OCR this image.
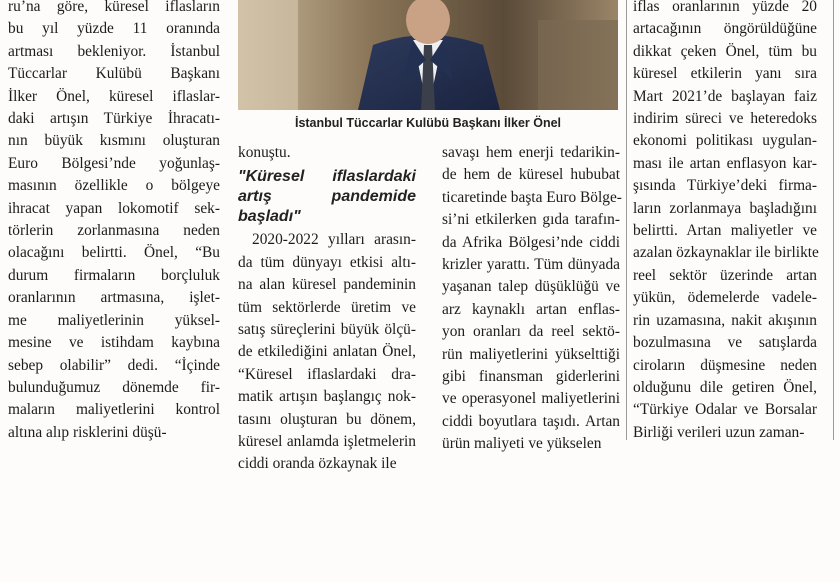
ru’na göre, küresel iflasların
bu yıl yüzde 11 oranında
artması bekleniyor. İstanbul
Tüccarlar Kulübü Başkanı
İlker Önel, küresel iflaslar-
daki artışın Türkiye İhracatı-
nın büyük kısmını oluşturan
Euro Bölgesi’nde yoğunlaş-
masının özellikle o bölgeye
ihracat yapan lokomotif sek-
törlerin zorlanmasına neden
olacağını belirtti. Önel, “Bu
durum firmaların borçluluk
oranlarının artmasına, işlet-
me maliyetlerinin yüksel-
mesine ve istihdam kaybına
sebep olabilir” dedi. “İçinde
bulunduğumuz dönemde fir-
maların maliyetlerini kontrol
altına alıp risklerini düşü-
İstanbul Tüccarlar Kulübü Başkanı İlker Önel
konuştu.
"Küresel iflaslardaki artış pandemide başladı"
2020-2022 yılları arasın-
da tüm dünyayı etkisi altı-
na alan küresel pandeminin
tüm sektörlerde üretim ve
satış süreçlerini büyük ölçü-
de etkilediğini anlatan Önel,
“Küresel iflaslardaki dra-
matik artışın başlangıç nok-
tasını oluşturan bu dönem,
küresel anlamda işletmelerin
ciddi oranda özkaynak ile
savaşı hem enerji tedarikin-
de hem de küresel hububat
ticaretinde başta Euro Bölge-
si’ni etkilerken gıda tarafın-
da Afrika Bölgesi’nde ciddi
krizler yarattı. Tüm dünyada
yaşanan talep düşüklüğü ve
arz kaynaklı artan enflas-
yon oranları da reel sektö-
rün maliyetlerini yükselttiği
gibi finansman giderlerini
ve operasyonel maliyetlerini
ciddi boyutlara taşıdı. Artan
ürün maliyeti ve yükselen
iflas oranlarının yüzde 20
artacağının öngörüldüğüne
dikkat çeken Önel, tüm bu
küresel etkilerin yanı sıra
Mart 2021’de başlayan faiz
indirim süreci ve heteredoks
ekonomi politikası uygulan-
ması ile artan enflasyon kar-
şısında Türkiye’deki firma-
ların zorlanmaya başladığını
belirtti. Artan maliyetler ve
azalan özkaynaklar ile birlikte
reel sektör üzerinde artan
yükün, ödemelerde vadele-
rin uzamasına, nakit akışının
bozulmasına ve satışlarda
ciroların düşmesine neden
olduğunu dile getiren Önel,
“Türkiye Odalar ve Borsalar
Birliği verileri uzun zaman-
